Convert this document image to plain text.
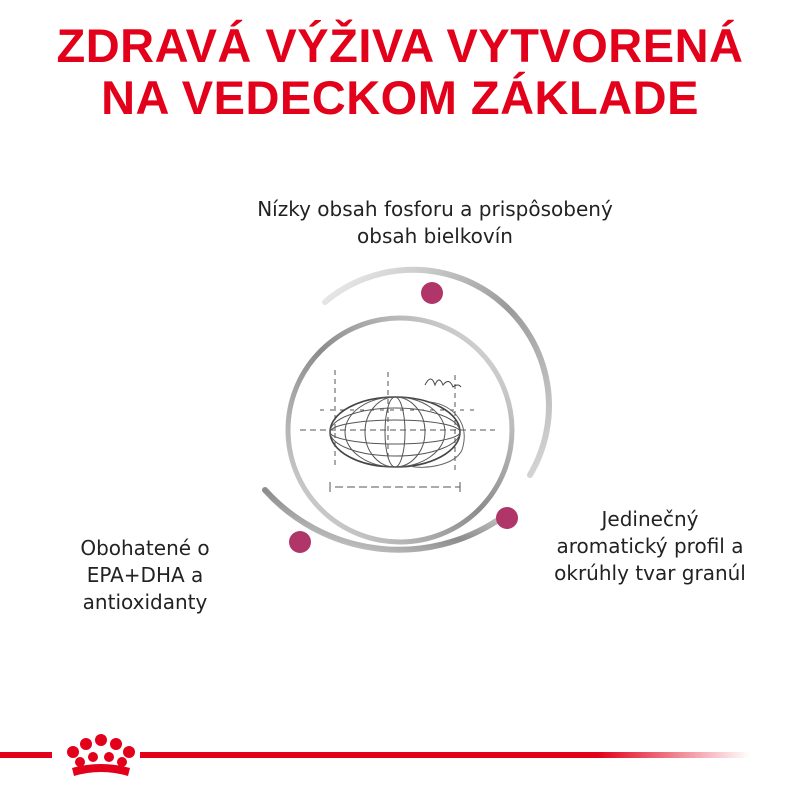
ZDRAVÁ VÝŽIVA VYTVORENÁ
NA VEDECKOM ZÁKLADE
Nízky obsah fosforu a prispôsobený
obsah bielkovín
Obohatené o
EPA+DHA a
antioxidanty
Jedinečný
aromatický profil a
okrúhly tvar granúl
